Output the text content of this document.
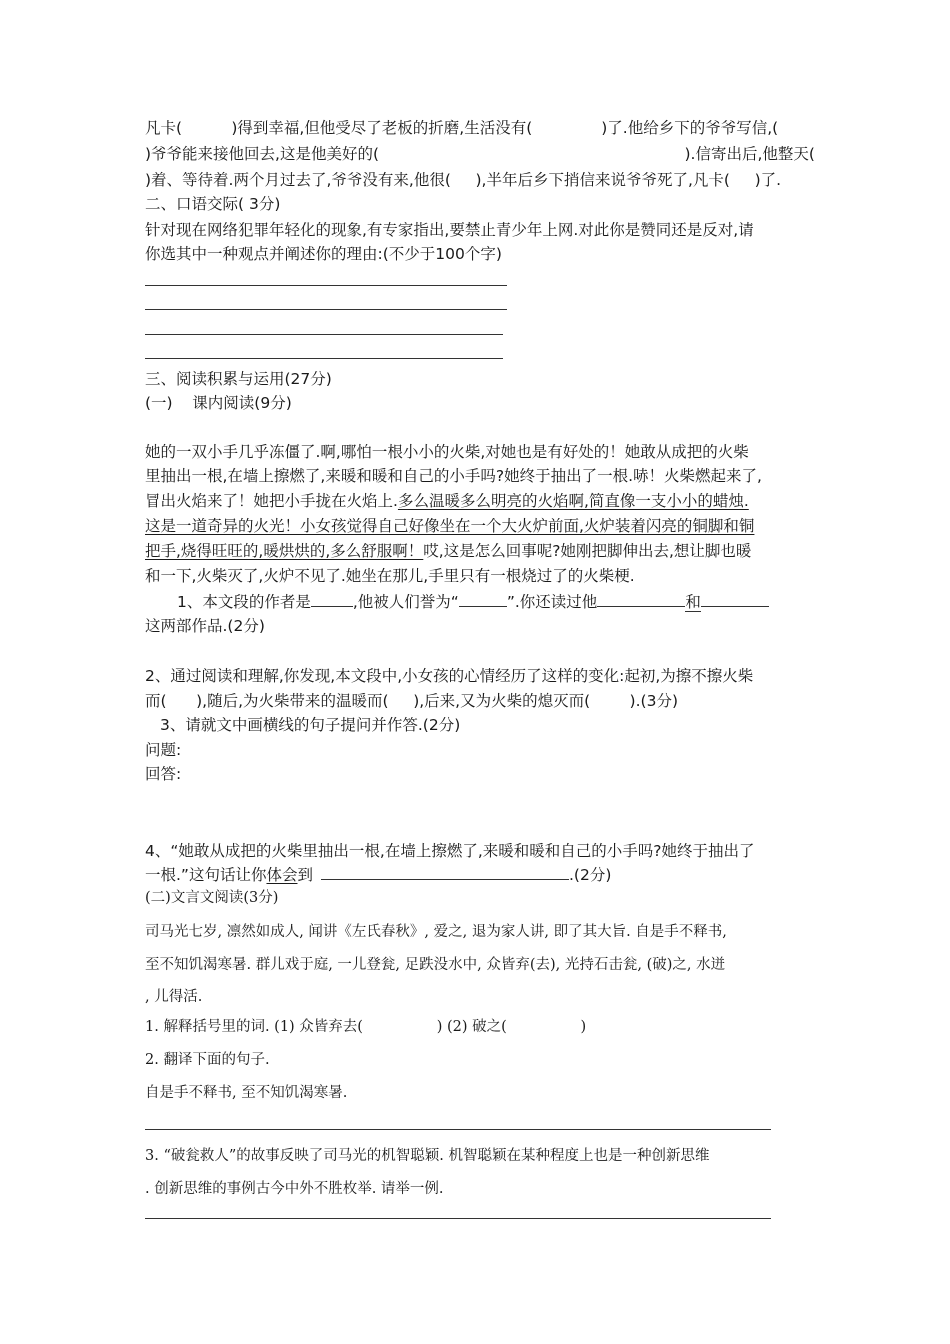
凡卡(          )得到幸福,但他受尽了老板的折磨,生活没有(              )了.他给乡下的爷爷写信,(
)爷爷能来接他回去,这是他美好的(                                                              ).信寄出后,他整天(
)着、等待着.两个月过去了,爷爷没有来,他很(     ),半年后乡下捎信来说爷爷死了,凡卡(     )了.
二、口语交际( 3分)
针对现在网络犯罪年轻化的现象,有专家指出,要禁止青少年上网.对此你是赞同还是反对,请
你选其中一种观点并阐述你的理由:(不少于100个字)
三、阅读积累与运用(27分)
(一)    课内阅读(9分)
她的一双小手几乎冻僵了.啊,哪怕一根小小的火柴,对她也是有好处的！她敢从成把的火柴
里抽出一根,在墙上擦燃了,来暖和暖和自己的小手吗?她终于抽出了一根.哧！火柴燃起来了,
冒出火焰来了！她把小手拢在火焰上.多么温暖多么明亮的火焰啊,简直像一支小小的蜡烛.
这是一道奇异的火光！小女孩觉得自己好像坐在一个大火炉前面,火炉装着闪亮的铜脚和铜
把手,烧得旺旺的,暖烘烘的,多么舒服啊！哎,这是怎么回事呢?她刚把脚伸出去,想让脚也暖
和一下,火柴灭了,火炉不见了.她坐在那儿,手里只有一根烧过了的火柴梗.
1、本文段的作者是	,他被人们誉为“	”.你还读过他	和
这两部作品.(2分)
2、通过阅读和理解,你发现,本文段中,小女孩的心情经历了这样的变化:起初,为擦不擦火柴
而(      ),随后,为火柴带来的温暖而(     ),后来,又为火柴的熄灭而(        ).(3分)
3、请就文中画横线的句子提问并作答.(2分)
问题:
回答:
4、“她敢从成把的火柴里抽出一根,在墙上擦燃了,来暖和暖和自己的小手吗?她终于抽出了
一根.”这句话让你体会到	.(2分)
(二)文言文阅读(3分)
司马光七岁, 凛然如成人, 闻讲《左氏春秋》, 爱之, 退为家人讲, 即了其大旨. 自是手不释书,
至不知饥渴寒暑. 群儿戏于庭, 一儿登瓮, 足跌没水中, 众皆弃(去), 光持石击瓮, (破)之, 水迸
, 儿得活.
1. 解释括号里的词. (1) 众皆弃去(                ) (2) 破之(                )
2. 翻译下面的句子.
自是手不释书, 至不知饥渴寒暑.
3. “破瓮救人”的故事反映了司马光的机智聪颖. 机智聪颖在某种程度上也是一种创新思维
. 创新思维的事例古今中外不胜枚举. 请举一例.
